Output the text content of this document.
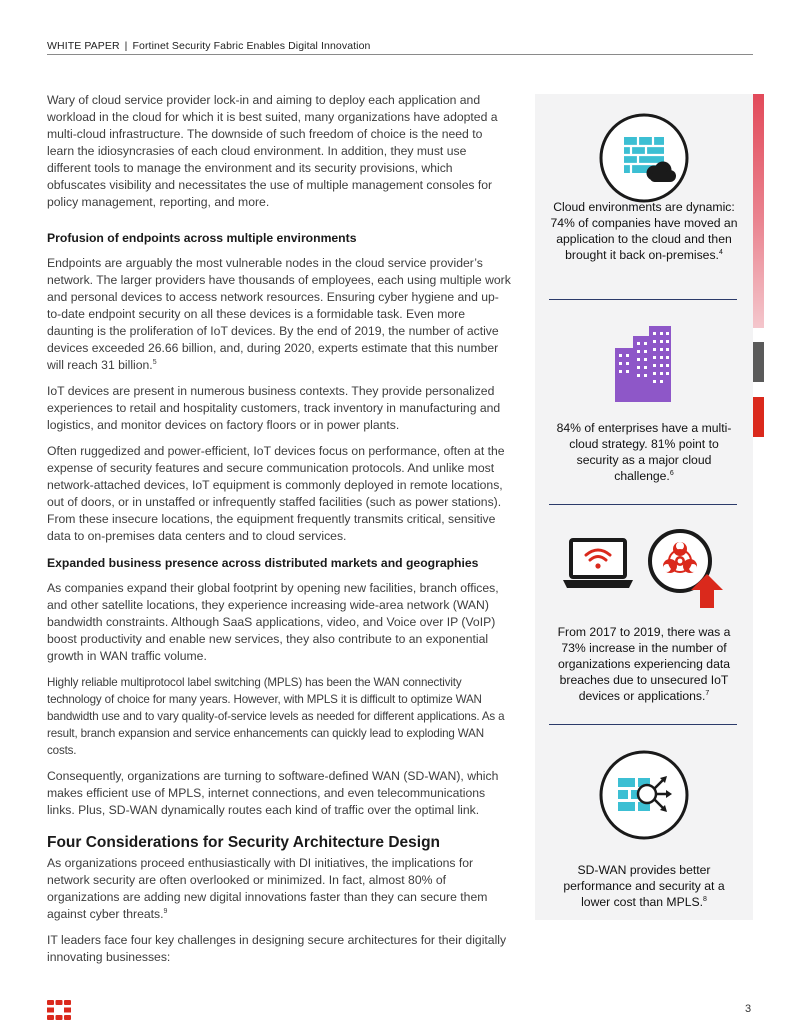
WHITE PAPER | Fortinet Security Fabric Enables Digital Innovation

Wary of cloud service provider lock-in and aiming to deploy each application and workload in the cloud for which it is best suited, many organizations have adopted a multi-cloud infrastructure. The downside of such freedom of choice is the need to learn the idiosyncrasies of each cloud environment. In addition, they must use different tools to manage the environment and its security provisions, which obfuscates visibility and necessitates the use of multiple management consoles for policy management, reporting, and more.

Profusion of endpoints across multiple environments

Endpoints are arguably the most vulnerable nodes in the cloud service provider’s network. The larger providers have thousands of employees, each using multiple work and personal devices to access network resources. Ensuring cyber hygiene and up-to-date endpoint security on all these devices is a formidable task. Even more daunting is the proliferation of IoT devices. By the end of 2019, the number of active devices exceeded 26.66 billion, and, during 2020, experts estimate that this number will reach 31 billion.$^5$

IoT devices are present in numerous business contexts. They provide personalized experiences to retail and hospitality customers, track inventory in manufacturing and logistics, and monitor devices on factory floors or in power plants.

Often ruggedized and power-efficient, IoT devices focus on performance, often at the expense of security features and secure communication protocols. And unlike most network-attached devices, IoT equipment is commonly deployed in remote locations, out of doors, or in unstaffed or infrequently staffed facilities (such as power stations). From these insecure locations, the equipment frequently transmits critical, sensitive data to on-premises data centers and to cloud services.

Expanded business presence across distributed markets and geographies

As companies expand their global footprint by opening new facilities, branch offices, and other satellite locations, they experience increasing wide-area network (WAN) bandwidth constraints. Although SaaS applications, video, and Voice over IP (VoIP) boost productivity and enable new services, they also contribute to an exponential growth in WAN traffic volume.

Highly reliable multiprotocol label switching (MPLS) has been the WAN connectivity technology of choice for many years. However, with MPLS it is difficult to optimize WAN bandwidth use and to vary quality-of-service levels as needed for different applications. As a result, branch expansion and service enhancements can quickly lead to exploding WAN costs.

Consequently, organizations are turning to software-defined WAN (SD-WAN), which makes efficient use of MPLS, internet connections, and even telecommunications links. Plus, SD-WAN dynamically routes each kind of traffic over the optimal link.

Four Considerations for Security Architecture Design

As organizations proceed enthusiastically with DI initiatives, the implications for network security are often overlooked or minimized. In fact, almost 80% of organizations are adding new digital innovations faster than they can secure them against cyber threats.$^9$

IT leaders face four key challenges in designing secure architectures for their digitally innovating businesses:

Cloud environments are dynamic: 74% of companies have moved an application to the cloud and then brought it back on-premises.$^4$
84% of enterprises have a multi-cloud strategy. 81% point to security as a major cloud challenge.$^6$
From 2017 to 2019, there was a 73% increase in the number of organizations experiencing data breaches due to unsecured IoT devices or applications.$^7$
SD-WAN provides better performance and security at a lower cost than MPLS.$^8$
3
